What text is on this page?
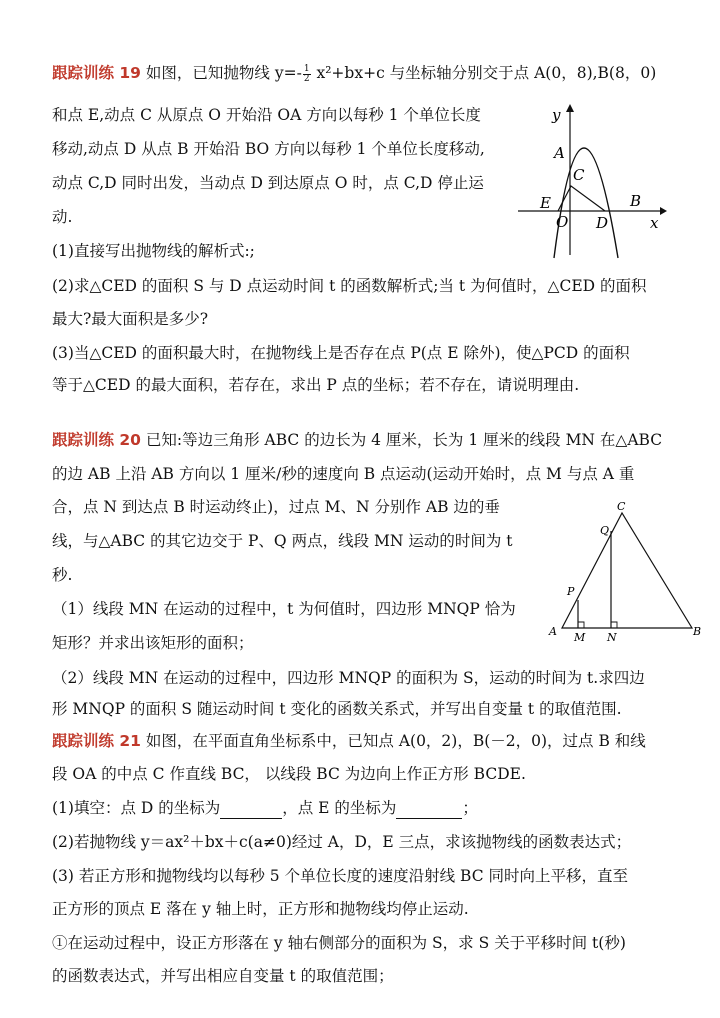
跟踪训练 19 如图，已知抛物线 $y=- \frac{1}{2} x^2+bx+c$ 与坐标轴分别交于点 A(0，8),B(8，0)
和点 E,动点 C 从原点 O 开始沿 OA 方向以每秒 1 个单位长度
移动,动点 D 从点 B 开始沿 BO 方向以每秒 1 个单位长度移动,
动点 C,D 同时出发，当动点 D 到达原点 O 时，点 C,D 停止运
动.
(1)直接写出抛物线的解析式:;
(2)求△CED 的面积 S 与 D 点运动时间 t 的函数解析式;当 t 为何值时，△CED 的面积
最大?最大面积是多少?
(3)当△CED 的面积最大时，在抛物线上是否存在点 P(点 E 除外)，使△PCD 的面积
等于△CED 的最大面积，若存在，求出 P 点的坐标；若不存在，请说明理由.
y
A
C
E
O D
B
x
跟踪训练 20 已知:等边三角形 ABC 的边长为 4 厘米，长为 1 厘米的线段 MN 在△ABC
的边 AB 上沿 AB 方向以 1 厘米/秒的速度向 B 点运动(运动开始时，点 M 与点 A 重
合，点 N 到达点 B 时运动终止)，过点 M、N 分别作 AB 边的垂
线，与△ABC 的其它边交于 P、Q 两点，线段 MN 运动的时间为 t
秒.
（1）线段 MN 在运动的过程中，t 为何值时，四边形 MNQP 恰为
矩形？并求出该矩形的面积；
（2）线段 MN 在运动的过程中，四边形 MNQP 的面积为 S，运动的时间为 t.求四边
形 MNQP 的面积 S 随运动时间 t 变化的函数关系式，并写出自变量 t 的取值范围.
C
Q
P
A M N	B
跟踪训练 21 如图，在平面直角坐标系中，已知点 A(0，2)，B(－2，0)，过点 B 和线
段 OA 的中点 C 作直线 BC， 以线段 BC 为边向上作正方形 BCDE.
(1)填空：点 D 的坐标为	，点 E 的坐标为	；
(2)若抛物线 y＝ax²＋bx＋c(a≠0)经过 A，D，E 三点，求该抛物线的函数表达式；
(3) 若正方形和抛物线均以每秒 5 个单位长度的速度沿射线 BC 同时向上平移，直至
正方形的顶点 E 落在 y 轴上时，正方形和抛物线均停止运动.
①在运动过程中，设正方形落在 y 轴右侧部分的面积为 S，求 S 关于平移时间 t(秒)
的函数表达式，并写出相应自变量 t 的取值范围；
